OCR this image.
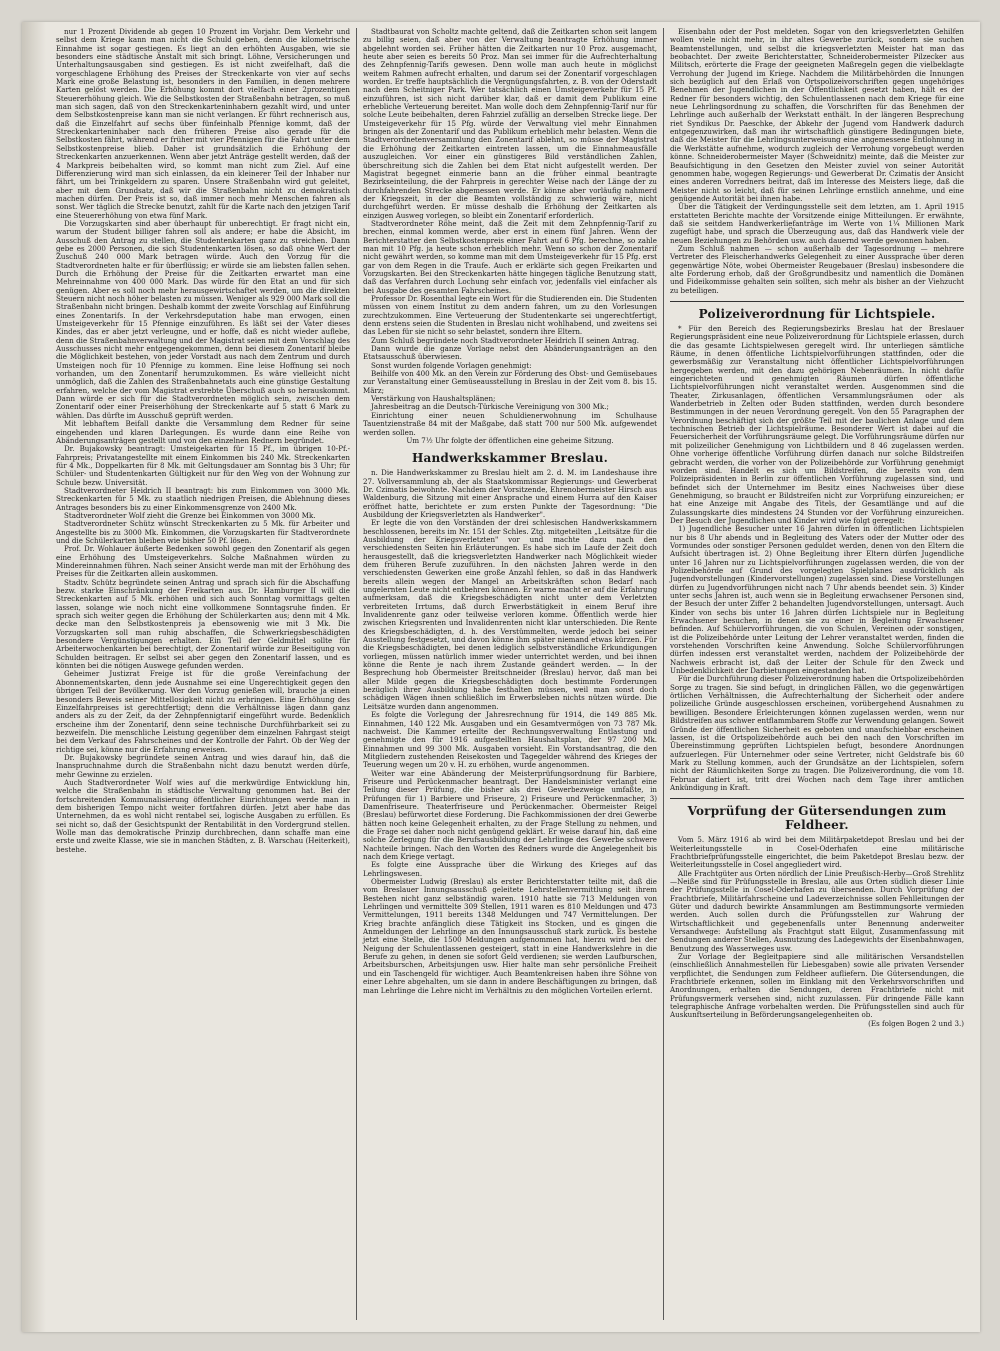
nur 1 Prozent Dividende ab gegen 10 Prozent im Vorjahr. Dem Verkehr und selbst dem Kriege kann man nicht die Schuld geben, denn die kilometrische Einnahme ist sogar gestiegen. Es liegt an den erhöhten Ausgaben, wie sie besonders eine städtische Anstalt mit sich bringt. Löhne, Versicherungen und Unterhaltungsausgaben sind gestiegen. Es ist nicht zweifelhaft, daß die vorgeschlagene Erhöhung des Preises der Streckenkarte von vier auf sechs Mark eine große Belastung ist, besonders in den Familien, in denen mehrere Karten gelöst werden. Die Erhöhung kommt dort vielfach einer 2prozentigen Steuererhöhung gleich. Wie die Selbstkosten der Straßenbahn betragen, so muß man sich sagen, daß von den Streckenkarteninhabern gezahlt wird, und unter dem Selbstkostenpreise kann man sie nicht verlangen. Er führt rechnerisch aus, daß die Einzelfahrt auf sechs über fünfeinhalb Pfennige kommt, daß der Streckenkarteninhaber nach den früheren Preise also gerade für die Selbstkosten fährt, während er früher mit vier Pfennigen für die Fahrt unter dem Selbstkostenpreise blieb. Daher ist grundsätzlich die Erhöhung der Streckenkarten anzuerkennen. Wenn aber jetzt Anträge gestellt werden, daß der 4 Markpreis beibehalten wird, so kommt man nicht zum Ziel. Auf eine Differenzierung wird man sich einlassen, da ein kleinerer Teil der Inhaber nur fährt, um bei Trinkgeldern zu sparen. Unsere Straßenbahn wird gut geleitet, aber mit dem Grundsatz, daß wir die Straßenbahn nicht zu demokratisch machen dürfen. Der Preis ist so, daß immer noch mehr Menschen fahren als sonst. Wer täglich die Strecke benutzt, zahlt für die Karte nach den jetzigen Tarif eine Steuererhöhung von etwa fünf Mark.

Die Vorzugskarten sind aber überhaupt für unberechtigt. Er fragt nicht ein, warum der Student billiger fahren soll als andere; er habe die Absicht, im Ausschuß den Antrag zu stellen, die Studentenkarten ganz zu streichen. Dann gebe es 2000 Personen, die sich Studentenkarten lösen, so daß ohne Wert der Zuschuß 240 000 Mark betragen würde. Auch den Vorzug für die Stadtverordneten halte er für überflüssig; er würde sie am liebsten fallen sehen. Durch die Erhöhung der Preise für die Zeitkarten erwartet man eine Mehreinnahme von 400 000 Mark. Das würde für den Etat an und für sich genügen. Aber es soll noch mehr herausgewirtschaftet werden, um die direkten Steuern nicht noch höher belasten zu müssen. Weniger als 929 000 Mark soll die Straßenbahn nicht bringen. Deshalb kommt der zweite Vorschlag auf Einführung eines Zonentarifs. In der Verkehrsdeputation habe man erwogen, einen Umsteigeverkehr für 15 Pfennige einzuführen. Es läßt sei der Vater dieses Kindes, das er aber jetzt verleugne, und er hoffe, daß es nicht wieder auflebe, denn die Straßenbahnverwaltung und der Magistrat seien mit dem Vorschlag des Ausschusses nicht mehr entgegengekommen, denn bei diesem Zonentarif bleibe die Möglichkeit bestehen, von jeder Vorstadt aus nach dem Zentrum und durch Umsteigen noch für 10 Pfennige zu kommen. Eine leise Hoffnung sei noch vorhanden, um den Zonentarif herumzukommen. Es wäre vielleicht nicht unmöglich, daß die Zahlen des Straßenbahnetats auch eine günstige Gestaltung erfahren, welche der vom Magistrat erstrebte Überschuß auch so herauskommt. Dann würde er sich für die Stadtverordneten möglich sein, zwischen dem Zonentarif oder einer Preiserhöhung der Streckenkarte auf 5 statt 6 Mark zu wählen. Das dürfte im Ausschuß geprüft werden.

Mit lebhaftem Beifall dankte die Versammlung dem Redner für seine eingehenden und klaren Darlegungen. Es wurde dann eine Reihe von Abänderungsanträgen gestellt und von den einzelnen Rednern begründet.

Dr. Bujakowsky beantragt: Umsteigekarten für 15 Pf., im übrigen 10-Pf.-Fahrpreis; Privatangestellte mit einem Einkommen bis 240 Mk. Streckenkarten für 4 Mk., Doppelkarten für 8 Mk. mit Geltungsdauer am Sonntag bis 3 Uhr; für Schüler- und Studentenkarten Gültigkeit nur für den Weg von der Wohnung zur Schule bezw. Universität.

Stadtverordneter Heidrich II beantragt: bis zum Einkommen von 3000 Mk. Streckenkarten für 5 Mk. zu staatlich niedrigen Preisen, die Ablehnung dieses Antrages besonders bis zu einer Einkommensgrenze von 2400 Mk.

Stadtverordneter Wolf zieht die Grenze bei Einkommen von 3000 Mk.

Stadtverordneter Schütz wünscht Streckenkarten zu 5 Mk. für Arbeiter und Angestellte bis zu 3000 Mk. Einkommen, die Vorzugskarten für Stadtverordnete und die Schülerkarten bleiben wie bisher 50 Pf. lösen.

Prof. Dr. Wohlauer äußerte Bedenken sowohl gegen den Zonentarif als gegen eine Erhöhung des Umsteigeverkehrs. Solche Maßnahmen würden zu Mindereinnahmen führen. Nach seiner Ansicht werde man mit der Erhöhung des Preises für die Zeitkarten allein auskommen.

Stadtv. Schütz begründete seinen Antrag und sprach sich für die Abschaffung bezw. starke Einschränkung der Freikarten aus. Dr. Hamburger II will die Streckenkarten auf 5 Mk. erhöhen und sich auch Sonntag vormittags gelten lassen, solange wie noch nicht eine vollkommene Sonntagsruhe finden. Er sprach sich weiter gegen die Erhöhung der Schülerkarten aus; denn mit 4 Mk. decke man den Selbstkostenpreis ja ebensowenig wie mit 3 Mk. Die Vorzugskarten soll man ruhig abschaffen, die Schwerkriegsbeschädigten besondere Vergünstigungen erhalten. Ein Teil der Geldmittel sollte für Arbeiterwochenkarten bei berechtigt, der Zonentarif würde zur Beseitigung von Schulden beitragen. Er selbst sei aber gegen den Zonentarif lassen, und es könnten bei die nötigen Auswege gefunden werden.

Geheimer Justizrat Freige ist für die große Vereinfachung der Abonnementskarten, denn jede Ausnahme sei eine Ungerechtigkeit gegen den übrigen Teil der Bevölkerung. Wer den Vorzug genießen will, brauche ja einen besonders Beweis seiner Mittellosigkeit nicht zu erbringen. Eine Erhöhung des Einzelfahrpreises ist gerechtfertigt; denn die Verhältnisse lägen dann ganz anders als zu der Zeit, da der Zehnpfennigtarif eingeführt wurde. Bedenklich erscheine ihm der Zonentarif, denn seine technische Durchführbarkeit sei zu bezweifeln. Die menschliche Leistung gegenüber dem einzelnen Fahrgast steigt bei dem Verkauf des Fahrscheines und der Kontrolle der Fahrt. Ob der Weg der richtige sei, könne nur die Erfahrung erweisen.

Dr. Bujakowsky begründete seinen Antrag und wies darauf hin, daß die Inanspruchnahme durch die Straßenbahn nicht dazu benutzt werden dürfe, mehr Gewinne zu erzielen.

Auch Stadtverordneter Wolf wies auf die merkwürdige Entwicklung hin, welche die Straßenbahn in städtische Verwaltung genommen hat. Bei der fortschreitenden Kommunalisierung öffentlicher Einrichtungen werde man in dem bisherigen Tempo nicht weiter fortfahren dürfen. Jetzt aber habe das Unternehmen, da es wohl nicht rentabel sei, logische Ausgaben zu erfüllen. Es sei nicht so, daß der Gesichtspunkt der Rentabilität in den Vordergrund stellen. Wolle man das demokratische Prinzip durchbrechen, dann schaffe man eine erste und zweite Klasse, wie sie in manchen Städten, z. B. Warschau (Heiterkeit), bestehe.

Stadtbaurat von Scholtz machte geltend, daß die Zeitkarten schon seit langem zu billig seien, daß aber von der Verwaltung beantragte Erhöhung immer abgelehnt worden sei. Früher hätten die Zeitkarten nur 10 Proz. ausgemacht, heute aber seien es bereits 50 Proz. Man sei immer für die Aufrechterhaltung des Zehnpfennig-Tarifs gewesen. Denn wolle man auch heute in möglichst weitem Rahmen aufrecht erhalten, und darum sei der Zonentarif vorgeschlagen worden. Er treffe hauptsächlich die Vergnügungsfahrten, z. B. von der Oderstadt nach dem Scheitniger Park. Wer tatsächlich einen Umsteigeverkehr für 15 Pf. einzuführen, ist sich nicht darüber klar, daß er damit dem Publikum eine erhebliche Verteuerung bereitet. Man wolle doch dem Zehnpfennig-Tarif nur für solche Leute beibehalten, deren Fahrziel zufällig an derselben Strecke liege. Der Umsteigeverkehr für 15 Pfg. würde der Verwaltung viel mehr Einnahmen bringen als der Zonentarif und das Publikum erheblich mehr belasten. Wenn die Stadtverordnetenversammlung den Zonentarif ablehnt, so müsse der Magistrat die Erhöhung der Zeitkarten eintreten lassen, um die Einnahmeausfälle auszugleichen. Vor einer ein günstigeres Bild verständlichen Zahlen, überschreitung sich die Zahlen bei dem Etat nicht aufgestellt werden. Der Magistrat begegnet einmerie bann an die früher einmal beantragte Bezirkseinteilung, die der Fahrpreis in gerechter Weise nach der Länge der zu durchfahrenden Strecke abgemessen werde. Er könne aber vorläufig nahmerd der Kriegszeit, in der die Beamten vollständig zu schwierig wäre, nicht durchgeführt werden. Er müsse deshalb die Erhöhung der Zeitkarten als einzigen Ausweg vorlegen, so bleibt ein Zonentarif erforderlich.

Stadtverordneter Röhe meint, daß die Zeit mit dem Zehnpfennig-Tarif zu brechen, einmal kommen werde, aber erst in einem fünf Jahren. Wenn der Berichterstatter den Selbstkostenpreis einer Fahrt auf 6 Pfg. berechne, so zahle man mit 10 Pfg. ja heute schon erheblich mehr. Wenn so schon der Zonentarif nicht gewährt werden, so komme man mit dem Umsteigeverkehr für 15 Pfg. erst gar von dem Regen in die Traufe. Auch er erklärte sich gegen Freikarten und Vorzugskarten. Bei den Streckenkarten hätte hingegen tägliche Benutzung statt, daß das Verfahren durch Lochung sehr einfach vor, jedenfalls viel einfacher als bei Ausgabe des gesamten Fahrscheines.

Professor Dr. Rosenthal legte ein Wort für die Studierenden ein. Die Studenten müssen von einem Institut zu dem andern fahren, um zu den Vorlesungen zurechtzukommen. Eine Verteuerung der Studentenkarte sei ungerechtfertigt, denn erstens seien die Studenten in Breslau nicht wohlhabend, und zweitens sei das Leben für sie nicht so sehr belastet, sondern ihre Eltern.

Zum Schluß begründete noch Stadtverordneter Heidrich II seinen Antrag.

Dann wurde die ganze Vorlage nebst den Abänderungsanträgen an den Etatsausschuß überwiesen.

Sonst wurden folgende Vorlagen genehmigt:

Beihilfe von 400 Mk. an den Verein zur Förderung des Obst- und Gemüsebaues zur Veranstaltung einer Gemüseausstellung in Breslau in der Zeit vom 8. bis 15. März;

Verstärkung von Haushaltsplänen;

Jahresbeitrag an die Deutsch-Türkische Vereinigung von 300 Mk.;

Einrichtung einer neuen Schuldienerwohnung im Schulhause Tauentzienstraße 84 mit der Maßgabe, daß statt 700 nur 500 Mk. aufgewendet werden sollen.

Um 7½ Uhr folgte der öffentlichen eine geheime Sitzung.

Handwerkskammer Breslau.

n. Die Handwerkskammer zu Breslau hielt am 2. d. M. im Landeshause ihre 27. Vollversammlung ab, der als Staatskommissar Regierungs- und Gewerberat Dr. Czimatis beiwohnte. Nachdem der Vorsitzende, Ehrenobermeister Hirsch aus Waldenburg, die Sitzung mit einer Ansprache und einem Hurra auf den Kaiser eröffnet hatte, berichtete er zum ersten Punkte der Tagesordnung: "Die Ausbildung der Kriegsverletzten als Handwerker".

Er legte die von den Vorständen der drei schlesischen Handwerkskammern beschlossenen, bereits im Nr. 151 der Schles. Ztg. mitgeteilten „Leitsätze für die Ausbildung der Kriegsverletzten" vor und machte dazu nach den verschiedensten Seiten hin Erläuterungen. Es habe sich im Laufe der Zeit doch herausgestellt, daß die kriegsverletzten Handwerker nach Möglichkeit wieder dem früheren Berufe zuzuführen. In den nächsten Jahren werde in den verschiedensten Gewerken eine große Anzahl fehlen, so daß in das Handwerk bereits allein wegen der Mangel an Arbeitskräften schon Bedarf nach ungelernten Leute nicht entbehren können. Er warne macht er auf die Erfahrung aufmerksam, daß die Kriegsbeschädigten nicht unter dem Verletzten verbreiteten Irrtums, daß durch Erwerbstätigkeit in einem Beruf ihre Invalidenrente ganz oder teilweise verloren komme. Öffentlich werde hier zwischen Kriegsrenten und Invalidenrenten nicht klar unterschieden. Die Rente des Kriegsbeschädigten, d. h. des Verstümmelten, werde jedoch bei seiner Ausstellung festgesetzt, und davon könne ihm später niemand etwas kürzen. Für die Kriegsbeschädigten, bei denen lediglich selbstverständliche Erkundigungen vorliegen, müssen natürlich immer wieder unterrichtet werden, und bei ihnen könne die Rente je nach ihrem Zustande geändert werden. — In der Besprechung hob Obermeister Breitschneider (Breslau) hervor, daß man bei aller Milde gegen die Kriegsbeschädigten doch bestimmte Forderungen bezüglich ihrer Ausbildung habe festhalten müssen, weil man sonst doch schädigen Wägen ihnen schließlich im Erwerbsleben nichts nützen würde. Die Leitsätze wurden dann angenommen.

Es folgte die Vorlegung der Jahresrechnung für 1914, die 149 885 Mk. Einnahmen, 140 122 Mk. Ausgaben und ein Gesamtvermögen von 73 787 Mk. nachweist. Die Kammer erteilte der Rechnungsverwaltung Entlastung und genehmigte den für 1916 aufgestellten Haushaltsplan, der 97 200 Mk. Einnahmen und 99 300 Mk. Ausgaben vorsieht. Ein Vorstandsantrag, die den Mitgliedern zustehenden Reisekosten und Tagegelder während des Krieges der Teuerung wegen um 20 v. H. zu erhöhen, wurde angenommen.

Weiter war eine Abänderung der Meisterprüfungsordnung für Barbiere, Friseure und Perückenmacher beantragt. Der Handelsminister verlangt eine Teilung dieser Prüfung, die bisher als drei Gewerbezweige umfaßte, in Prüfungen für 1) Barbiere und Friseure, 2) Friseure und Perückenmacher, 3) Damenfriseure. Theaterfriseure und Perückenmacher. Obermeister Reigel (Breslau) befürwortet diese Forderung. Die Fachkommissionen der drei Gewerbe hätten noch keine Gelegenheit erhalten, zu der Frage Stellung zu nehmen, und die Frage sei daher noch nicht genügend geklärt. Er weise darauf hin, daß eine solche Zerlegung für die Berufsausbildung der Lehrlinge des Gewerbe schwere Nachteile bringen. Nach den Worten des Redners wurde die Angelegenheit bis nach dem Kriege vertagt.

Es folgte eine Aussprache über die Wirkung des Krieges auf das Lehrlingswesen.

Obermeister Ludwig (Breslau) als erster Berichterstatter teilte mit, daß die vom Breslauer Innungsausschuß geleitete Lehrstellenvermittlung seit ihrem Bestehen nicht ganz selbständig waren. 1910 hatte sie 713 Meldungen von Lehrlingen und vermittelte 309 Stellen, 1911 waren es 810 Meldungen und 473 Vermittelungen, 1911 bereits 1348 Meldungen und 747 Vermittelungen. Der Krieg brachte anfänglich diese Tätigkeit ins Stocken, und es gingen die Anmeldungen der Lehrlinge an den Innungsausschuß stark zurück. Es bestehe jetzt eine Stelle, die 1500 Meldungen aufgenommen hat, hierzu wird bei der Neigung der Schulentlassenen gesteigert, statt in eine Handwerkslehre in die Berufe zu gehen, in denen sie sofort Geld verdienen; sie werden Laufburschen, Arbeitsburschen, Arbeitsjungen usw. Hier halte man sehr persönliche Freiheit und ein Taschengeld für wichtiger. Auch Beamtenkreisen haben ihre Söhne von einer Lehre abgehalten, um sie dann in andere Beschäftigungen zu bringen, daß man Lehrlinge die Lehre nicht im Verhältnis zu den möglichen Vorteilen erlernt.

Eisenbahn oder der Post meldeten. Sogar von den kriegsverletzten Gehilfen wollen viele nicht mehr, in ihr altes Gewerbe zurück, sondern sie suchen Beamtenstellungen, und selbst die kriegsverletzten Meister hat man das beobachtet. Der zweite Berichterstatter, Schneiderobermeister Pilzecker aus Militsch, erörterte die Frage der geeigneten Maßregeln gegen die vielbeklagte Verrohung der Jugend im Kriege. Nachdem die Militärbehörden die Innungen sich bezüglich auf den Erlaß von Ortspolizeivorschriften gegen ungehöriges Benehmen der Jugendlichen in der Öffentlichkeit gesetzt haben, hält es der Redner für besonders wichtig, den Schulentlassenen nach dem Kriege für eine neue Lehrlingsordnung zu schaffen, die Vorschriften für das Benehmen der Lehrlinge auch außerhalb der Werkstatt enthält. In der längeren Besprechung riet Syndikus Dr. Paeschke, der Abkehr der Jugend vom Handwerk dadurch entgegenzuwirken, daß man ihr wirtschaftlich günstigere Bedingungen biete, daß die Meister für die Lehrlingsunterweisung eine angemessene Entlohnung in die Werkstätte aufnehme, wodurch zugleich der Verrohung vorgebeugt werden könne. Schneiderobermeister Mayer (Schweidnitz) meinte, daß die Meister zur Beaufsichtigung in den Gesetzen den Meister zuviel von seiner Autorität genommen habe, wogegen Regierungs- und Gewerberat Dr. Czimatis der Ansicht eines anderen Vorredners beitrat, daß im Interesse des Meisters liege, daß die Meister nicht so leicht, daß für seinen Lehrlinge ernstlich annehme, und eine genügende Autorität bei ihnen habe.

Über die Tätigkeit der Verdingungsstelle seit dem letzten, am 1. April 1915 erstatteten Berichte machte der Vorsitzende einige Mitteilungen. Er erwähnte, daß sie seitdem Handwerkerliefanträge im Werte von 1¼ Millionen Mark zugefügt habe, und sprach die Überzeugung aus, daß das Handwerk viele der neuen Beziehungen zu Behörden usw. auch dauernd werde gewonnen haben.

Zum Schluß nahmen — schon außerhalb der Tagesordnung — mehrere Vertreter des Fleischerhandwerks Gelegenheit zu einer Aussprache über deren gegenwärtige Nöte, wobei Obermeister Reugebauer (Breslau) insbesondere die alte Forderung erhob, daß der Großgrundbesitz und namentlich die Domänen und Fideikommisse gehalten sein sollten, sich mehr als bisher an der Viehzucht zu beteiligen.

Polizeiverordnung für Lichtspiele.

* Für den Bereich des Regierungsbezirks Breslau hat der Breslauer Regierungspräsident eine neue Polizeiverordnung für Lichtspiele erlassen, durch die das gesamte Lichtspielwesen geregelt wird. Ihr unterliegen sämtliche Räume, in denen öffentliche Lichtspielvorführungen stattfinden, oder die gewerbsmäßig zur Veranstaltung nicht öffentlicher Lichtspielvorführungen hergegeben werden, mit den dazu gehörigen Nebenräumen. In nicht dafür eingerichteten und genehmigten Räumen dürfen öffentliche Lichtspielvorführungen nicht veranstaltet werden. Ausgenommen sind die Theater, Zirkusanlagen, öffentlichen Versammlungsräumen oder als Wanderbetrieb in Zelten oder Buden stattfinden, werden durch besondere Bestimmungen in der neuen Verordnung geregelt. Von den 55 Paragraphen der Verordnung beschäftigt sich der größte Teil mit der baulichen Anlage und dem technischen Betrieb der Lichtspielräume. Besonderer Wert ist dabei auf die Feuersicherheit der Vorführungsräume gelegt. Die Vorführungsräume dürfen nur mit polizeilicher Genehmigung von Lichtbildern und 8 46 zugelassen werden. Ohne vorherige öffentliche Vorführung dürfen danach nur solche Bildstreifen gebracht werden, die vorher von der Polizeibehörde zur Vorführung genehmigt worden sind. Handelt es sich um Bildstreifen, die bereits von dem Polizeipräsidenten in Berlin zur öffentlichen Vorführung zugelassen sind, und befindet sich der Unternehmer im Besitz eines Nachweises über diese Genehmigung, so braucht er Bildstreifen nicht zur Vorprüfung einzureichen; er hat eine Anzeige mit Angabe des Titels, der Gesamtlänge und auf die Zulassungskarte dies mindestens 24 Stunden vor der Vorführung einzureichen. Der Besuch der Jugendlichen und Kinder wird wie folgt geregelt:

1) Jugendliche Besucher unter 16 Jahren dürfen in öffentlichen Lichtspielen nur bis 8 Uhr abends und in Begleitung des Vaters oder der Mutter oder des Vormundes oder sonstiger Personen geduldet werden, denen von den Eltern die Aufsicht übertragen ist. 2) Ohne Begleitung ihrer Eltern dürfen Jugendliche unter 16 Jahren nur zu Lichtspielvorführungen zugelassen werden, die von der Polizeibehörde auf Grund des vorgelegten Spielplanes ausdrücklich als Jugendvorstellungen (Kindervorstellungen) zugelassen sind. Diese Vorstellungen dürfen zu Jugendvorführungen nicht nach 7 Uhr abends beendet sein. 3) Kinder unter sechs Jahren ist, auch wenn sie in Begleitung erwachsener Personen sind, der Besuch der unter Ziffer 2 behandelten Jugendvorstellungen, untersagt. Auch Kinder von sechs bis unter 16 Jahren dürfen Lichtspiele nur in Begleitung Erwachsener besuchen, in denen sie zu einer in Begleitung Erwachsener befinden. Auf Schülervorführungen, die von Schulen, Vereinen oder sonstigen, ist die Polizeibehörde unter Leitung der Lehrer veranstaltet werden, finden die vorstehenden Vorschriften keine Anwendung. Solche Schülervorführungen dürfen indessen erst veranstaltet werden, nachdem der Polizeibehörde der Nachweis erbracht ist, daß der Leiter der Schule für den Zweck und Unbedenklichkeit der Darbietungen eingestanden hat.

Für die Durchführung dieser Polizeiverordnung haben die Ortspolizeibehörden Sorge zu tragen. Sie sind befugt, in dringlichen Fällen, wo die gegenwärtigen örtlichen Verhältnissen, die Aufrechterhaltung der Sicherheit oder andere polizeiliche Gründe ausgeschlossen erscheinen, vorübergehend Ausnahmen zu bewilligen. Besondere Erleichterungen können zugelassen werden, wenn nur Bildstreifen aus schwer entflammbarem Stoffe zur Verwendung gelangen. Soweit Gründe der öffentlichen Sicherheit es geboten und unaufschiebbar erscheinen lassen, ist die Ortspolizeibehörde auch bei den nach den Vorschriften im Übereinstimmung geprüften Lichtspielen befugt, besondere Anordnungen aufzuerlegen. Für Unternehmer oder seine Vertreter, nicht Geldstrafe bis 60 Mark zu Stellung kommen, auch der Grundsätze an der Lichtspielen, sofern nicht der Räumlichkeiten Sorge zu tragen. Die Polizeiverordnung, die vom 18. Februar datiert ist, tritt drei Wochen nach dem Tage ihrer amtlichen Ankündigung in Kraft.

Vorprüfung der Gütersendungen zum Feldheer.

Vom 5. März 1916 ab wird bei dem Militärpaketdepot Breslau und bei der Weiterleitungsstelle in Cosel-Oderhafen eine militärische Frachtbriefprüfungsstelle eingerichtet, die beim Paketdepot Breslau bezw. der Weiterleitungsstelle in Cosel angegliedert wird.

Alle Frachtgüter aus Orten nördlich der Linie Preußisch-Herby—Groß Strehlitz—Neiße sind für Prüfungsstelle in Breslau, alle aus Orten südlich dieser Linie der Prüfungsstelle in Cosel-Oderhafen zu übersenden. Durch Vorprüfung der Frachtbriefe, Militärfahrscheine und Ladeverzeichnisse sollen Fehlleitungen der Güter und dadurch bewirkte Ansammlungen am Bestimmungsorte vermieden werden. Auch sollen durch die Prüfungsstellen zur Wahrung der Wirtschaftlichkeit und gegebenenfalls unter Benennung anderweiter Versandwege: Aufstellung als Frachtgut statt Eilgut, Zusammenfassung mit Sendungen anderer Stellen, Ausnutzung des Ladegewichts der Eisenbahnwagen, Benutzung des Wasserweges usw.

Zur Vorlage der Begleitpapiere sind alle militärischen Versandstellen (einschließlich Annahmestellen für Liebesgaben) sowie alle privaten Versender verpflichtet, die Sendungen zum Feldheer aufliefern. Die Gütersendungen, die Frachtbriefe erkennen, sollen im Einklang mit den Verkehrsvorschriften und Anordnungen, erhalten die Sendungen, deren Frachtbriefe nicht mit Prüfungsvermerk versehen sind, nicht zuzulassen. Für dringende Fälle kann telegraphische Anfrage vorbehalten werden. Die Prüfungsstellen sind auch für Auskunftserteilung in Beförderungsangelegenheiten ob.

(Es folgen Bogen 2 und 3.)
